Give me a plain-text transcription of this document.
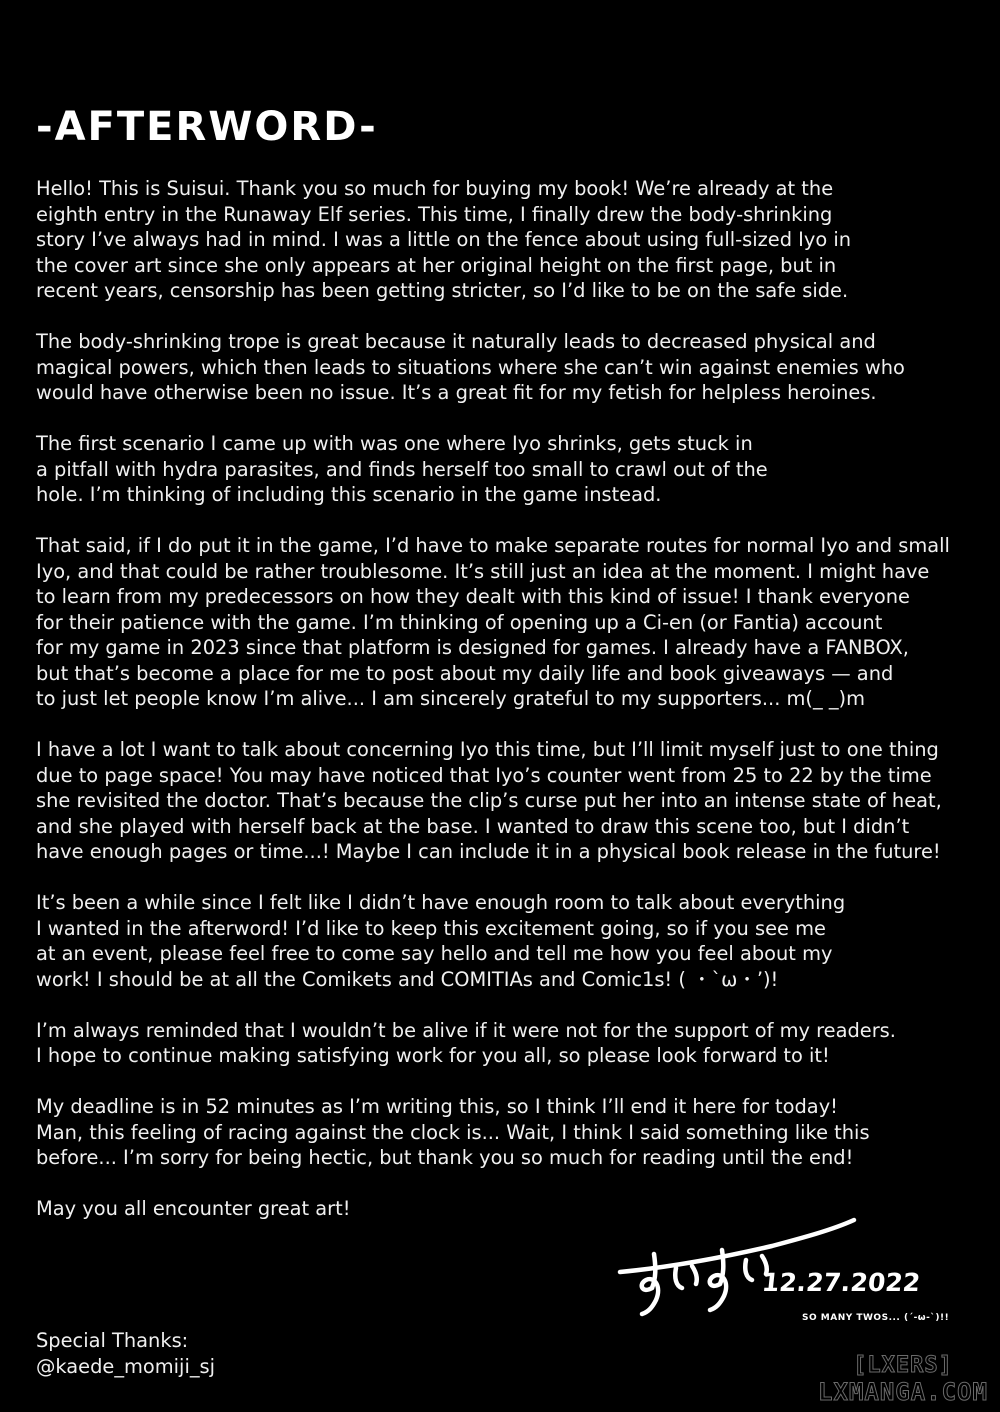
-AFTERWORD-
Hello! This is Suisui. Thank you so much for buying my book! We’re already at the
eighth entry in the Runaway Elf series. This time, I finally drew the body-shrinking
story I’ve always had in mind. I was a little on the fence about using full-sized Iyo in
the cover art since she only appears at her original height on the first page, but in
recent years, censorship has been getting stricter, so I’d like to be on the safe side.
The body-shrinking trope is great because it naturally leads to decreased physical and
magical powers, which then leads to situations where she can’t win against enemies who
would have otherwise been no issue. It’s a great fit for my fetish for helpless heroines.
The first scenario I came up with was one where Iyo shrinks, gets stuck in
a pitfall with hydra parasites, and finds herself too small to crawl out of the
hole. I’m thinking of including this scenario in the game instead.
That said, if I do put it in the game, I’d have to make separate routes for normal Iyo and small
Iyo, and that could be rather troublesome. It’s still just an idea at the moment. I might have
to learn from my predecessors on how they dealt with this kind of issue! I thank everyone
for their patience with the game. I’m thinking of opening up a Ci-en (or Fantia) account
for my game in 2023 since that platform is designed for games. I already have a FANBOX,
but that’s become a place for me to post about my daily life and book giveaways — and
to just let people know I’m alive... I am sincerely grateful to my supporters... m(_ _)m
I have a lot I want to talk about concerning Iyo this time, but I’ll limit myself just to one thing
due to page space! You may have noticed that Iyo’s counter went from 25 to 22 by the time
she revisited the doctor. That’s because the clip’s curse put her into an intense state of heat,
and she played with herself back at the base. I wanted to draw this scene too, but I didn’t
have enough pages or time...! Maybe I can include it in a physical book release in the future!
It’s been a while since I felt like I didn’t have enough room to talk about everything
I wanted in the afterword! I’d like to keep this excitement going, so if you see me
at an event, please feel free to come say hello and tell me how you feel about my
work! I should be at all the Comikets and COMITIAs and Comic1s! ( ・`ω・’)!
I’m always reminded that I wouldn’t be alive if it were not for the support of my readers.
I hope to continue making satisfying work for you all, so please look forward to it!
My deadline is in 52 minutes as I’m writing this, so I think I’ll end it here for today!
Man, this feeling of racing against the clock is... Wait, I think I said something like this
before... I’m sorry for being hectic, but thank you so much for reading until the end!
May you all encounter great art!
12.27.2022
SO MANY TWOS... (´-ω-`)!!
Special Thanks:
@kaede_momiji_sj	[LXERS]
LXMANGA.COM
